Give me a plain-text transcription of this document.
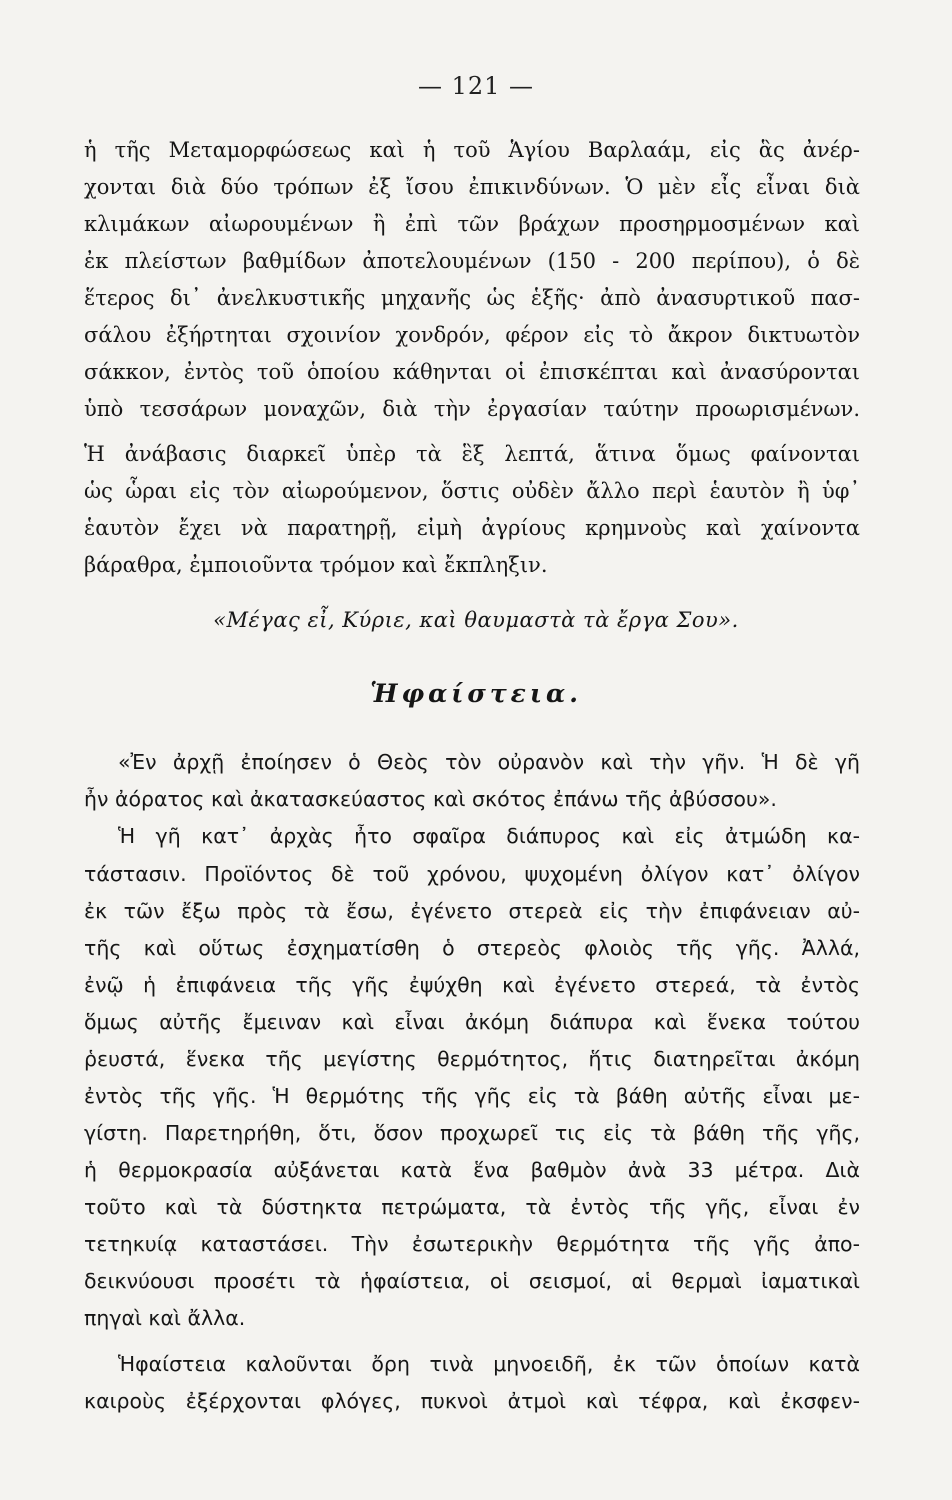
— 121 —
ἡ τῆς Μεταμορφώσεως καὶ ἡ τοῦ Ἁγίου Βαρλαάμ, εἰς ἃς ἀνέρ-
χονται διὰ δύο τρόπων ἐξ ἴσου ἐπικινδύνων. Ὁ μὲν εἶς εἶναι διὰ
κλιμάκων αἰωρουμένων ἢ ἐπὶ τῶν βράχων προσηρμοσμένων καὶ
ἐκ πλείστων βαθμίδων ἀποτελουμένων (150 - 200 περίπου), ὁ δὲ
ἕτερος δι᾽ ἀνελκυστικῆς μηχανῆς ὡς ἑξῆς· ἀπὸ ἀνασυρτικοῦ πασ-
σάλου ἐξήρτηται σχοινίον χονδρόν, φέρον εἰς τὸ ἄκρον δικτυωτὸν
σάκκον, ἐντὸς τοῦ ὁποίου κάθηνται οἱ ἐπισκέπται καὶ ἀνασύρονται
ὑπὸ τεσσάρων μοναχῶν, διὰ τὴν ἐργασίαν ταύτην προωρισμένων.
Ἡ ἀνάβασις διαρκεῖ ὑπὲρ τὰ ἓξ λεπτά, ἅτινα ὅμως φαίνονται
ὡς ὧραι εἰς τὸν αἰωρούμενον, ὅστις οὐδὲν ἄλλο περὶ ἑαυτὸν ἢ ὑφ᾽
ἑαυτὸν ἔχει νὰ παρατηρῇ, εἰμὴ ἀγρίους κρημνοὺς καὶ χαίνοντα
βάραθρα, ἐμποιοῦντα τρόμον καὶ ἔκπληξιν.
«Μέγας εἶ, Κύριε, καὶ θαυμαστὰ τὰ ἔργα Σου».
Ἡφαίστεια.
«Ἐν ἀρχῇ ἐποίησεν ὁ Θεὸς τὸν οὐρανὸν καὶ τὴν γῆν. Ἡ δὲ γῆ
ἦν ἀόρατος καὶ ἀκατασκεύαστος καὶ σκότος ἐπάνω τῆς ἀβύσσου».
Ἡ γῆ κατ᾽ ἀρχὰς ἦτο σφαῖρα διάπυρος καὶ εἰς ἀτμώδη κα-
τάστασιν. Προϊόντος δὲ τοῦ χρόνου, ψυχομένη ὀλίγον κατ᾽ ὀλίγον
ἐκ τῶν ἔξω πρὸς τὰ ἔσω, ἐγένετο στερεὰ εἰς τὴν ἐπιφάνειαν αὐ-
τῆς καὶ οὕτως ἐσχηματίσθη ὁ στερεὸς φλοιὸς τῆς γῆς. Ἀλλά,
ἐνῷ ἡ ἐπιφάνεια τῆς γῆς ἐψύχθη καὶ ἐγένετο στερεά, τὰ ἐντὸς
ὅμως αὐτῆς ἔμειναν καὶ εἶναι ἀκόμη διάπυρα καὶ ἕνεκα τούτου
ῥευστά, ἕνεκα τῆς μεγίστης θερμότητος, ἥτις διατηρεῖται ἀκόμη
ἐντὸς τῆς γῆς. Ἡ θερμότης τῆς γῆς εἰς τὰ βάθη αὐτῆς εἶναι με-
γίστη. Παρετηρήθη, ὅτι, ὅσον προχωρεῖ τις εἰς τὰ βάθη τῆς γῆς,
ἡ θερμοκρασία αὐξάνεται κατὰ ἕνα βαθμὸν ἀνὰ 33 μέτρα. Διὰ
τοῦτο καὶ τὰ δύστηκτα πετρώματα, τὰ ἐντὸς τῆς γῆς, εἶναι ἐν
τετηκυίᾳ καταστάσει. Τὴν ἐσωτερικὴν θερμότητα τῆς γῆς ἀπο-
δεικνύουσι προσέτι τὰ ἡφαίστεια, οἱ σεισμοί, αἱ θερμαὶ ἰαματικαὶ
πηγαὶ καὶ ἄλλα.
Ἡφαίστεια καλοῦνται ὄρη τινὰ μηνοειδῆ, ἐκ τῶν ὁποίων κατὰ
καιροὺς ἐξέρχονται φλόγες, πυκνοὶ ἀτμοὶ καὶ τέφρα, καὶ ἐκσφεν-
